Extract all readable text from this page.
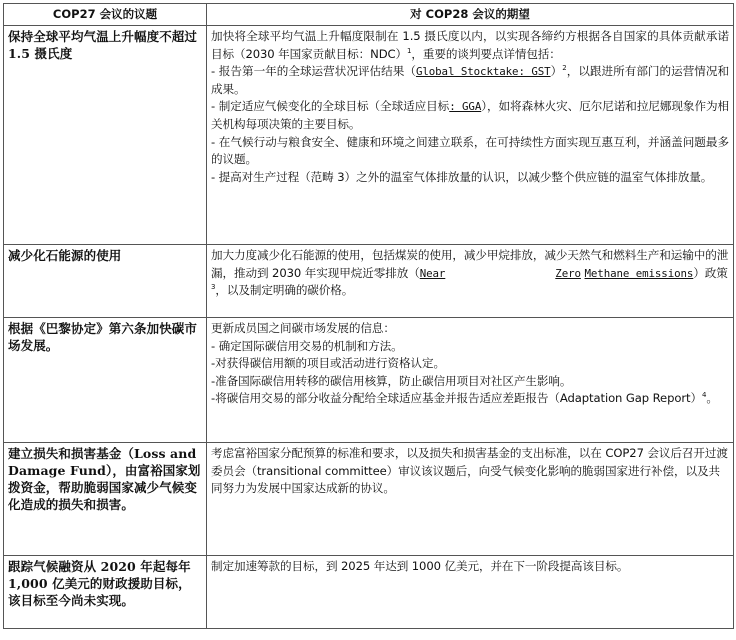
COP27 会议的议题	对 COP28 会议的期望
保持全球平均气温上升幅度不超过 1.5 摄氏度	加快将全球平均气温上升幅度限制在 1.5 摄氏度以内，以实现各缔约方根据各自国家的具体贡献承诺目标（2030 年国家贡献目标：NDC）$^1$，重要的谈判要点详情包括：
- 报告第一年的全球运营状况评估结果（Global Stocktake: GST）$^2$，以跟进所有部门的运营情况和成果。
- 制定适应气候变化的全球目标（全球适应目标: GGA），如将森林火灾、厄尔尼诺和拉尼娜现象作为相关机构每项决策的主要目标。
- 在气候行动与粮食安全、健康和环境之间建立联系，在可持续性方面实现互惠互利，并涵盖问题最多的议题。
- 提高对生产过程（范畴 3）之外的温室气体排放量的认识，以减少整个供应链的温室气体排放量。

减少化石能源的使用	加大力度减少化石能源的使用，包括煤炭的使用，减少甲烷排放，减少天然气和燃料生产和运输中的泄漏，推动到 2030 年实现甲烷近零排放（Near Zero Methane emissions）政策$^3$，以及制定明确的碳价格。

根据《巴黎协定》第六条加快碳市场发展。	更新成员国之间碳市场发展的信息：
- 确定国际碳信用交易的机制和方法。
-对获得碳信用额的项目或活动进行资格认定。
-准备国际碳信用转移的碳信用核算，防止碳信用项目对社区产生影响。
-将碳信用交易的部分收益分配给全球适应基金并报告适应差距报告（Adaptation Gap Report）$^4$。

建立损失和损害基金（Loss and Damage Fund），由富裕国家划拨资金，帮助脆弱国家减少气候变化造成的损失和损害。	考虑富裕国家分配预算的标准和要求，以及损失和损害基金的支出标准，以在 COP27 会议后召开过渡委员会（transitional committee）审议该议题后，向受气候变化影响的脆弱国家进行补偿，以及共同努力为发展中国家达成新的协议。

跟踪气候融资从 2020 年起每年 1,000 亿美元的财政援助目标，该目标至今尚未实现。	制定加速筹款的目标，到 2025 年达到 1000 亿美元，并在下一阶段提高该目标。
